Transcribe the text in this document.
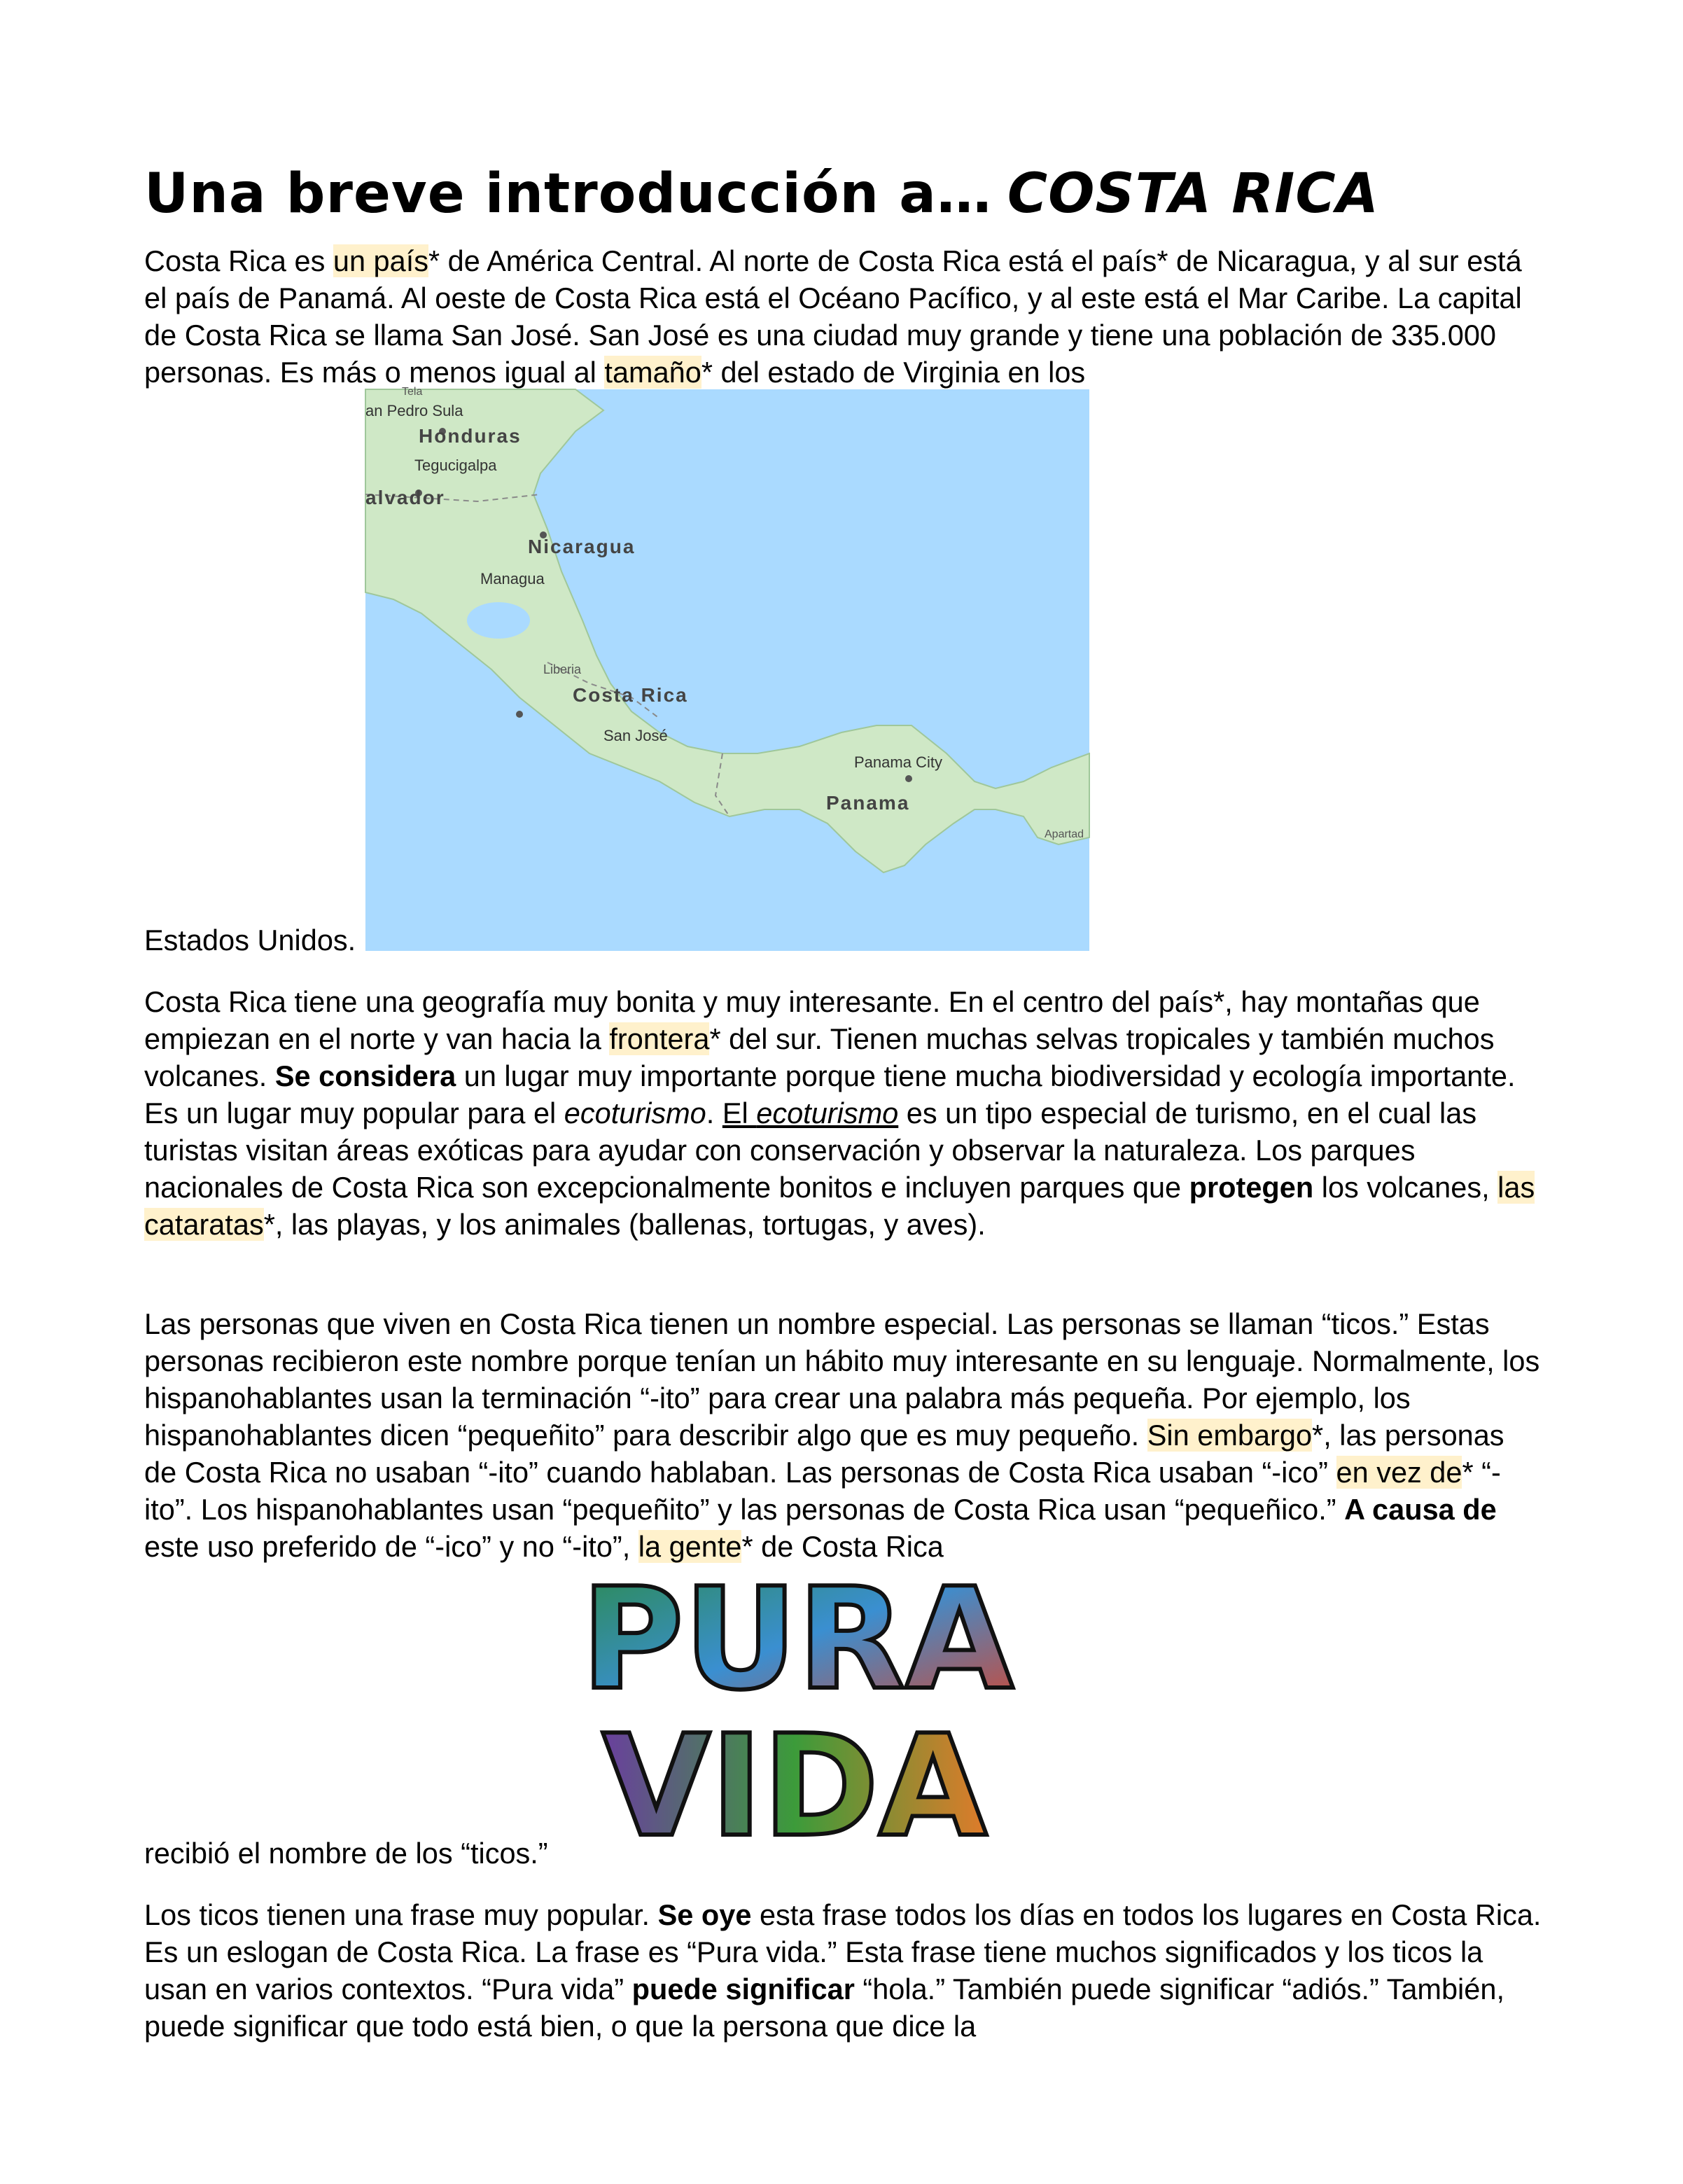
Una breve introducción a… COSTA RICA

Costa Rica es un país* de América Central. Al norte de Costa Rica está el país* de Nicaragua, y al sur está el país de Panamá. Al oeste de Costa Rica está el Océano Pacífico, y al este está el Mar Caribe. La capital de Costa Rica se llama San José. San José es una ciudad muy grande y tiene una población de 335.000 personas. Es más o menos igual al tamaño* del estado de Virginia en los

Tela
an Pedro Sula
Honduras
Tegucigalpa
alvador
Nicaragua
Managua
Liberia
Costa Rica
San José
Panama City
Panama
Apartad

Estados Unidos.

Costa Rica tiene una geografía muy bonita y muy interesante. En el centro del país*, hay montañas que empiezan en el norte y van hacia la frontera* del sur. Tienen muchas selvas tropicales y también muchos volcanes. Se considera un lugar muy importante porque tiene mucha biodiversidad y ecología importante. Es un lugar muy popular para el ecoturismo. El ecoturismo es un tipo especial de turismo, en el cual las turistas visitan áreas exóticas para ayudar con conservación y observar la naturaleza. Los parques nacionales de Costa Rica son excepcionalmente bonitos e incluyen parques que protegen los volcanes, las cataratas*, las playas, y los animales (ballenas, tortugas, y aves).

Las personas que viven en Costa Rica tienen un nombre especial. Las personas se llaman “ticos.” Estas personas recibieron este nombre porque tenían un hábito muy interesante en su lenguaje. Normalmente, los hispanohablantes usan la terminación “-ito” para crear una palabra más pequeña. Por ejemplo, los hispanohablantes dicen “pequeñito” para describir algo que es muy pequeño. Sin embargo*, las personas de Costa Rica no usaban “-ito” cuando hablaban. Las personas de Costa Rica usaban “-ico” en vez de* “-ito”. Los hispanohablantes usan “pequeñito” y las personas de Costa Rica usan “pequeñico.” A causa de este uso preferido de “-ico” y no “-ito”, la gente* de Costa Rica

PURA
VIDA

recibió el nombre de los “ticos.”

Los ticos tienen una frase muy popular. Se oye esta frase todos los días en todos los lugares en Costa Rica. Es un eslogan de Costa Rica. La frase es “Pura vida.” Esta frase tiene muchos significados y los ticos la usan en varios contextos. “Pura vida” puede significar “hola.” También puede significar “adiós.” También, puede significar que todo está bien, o que la persona que dice la
